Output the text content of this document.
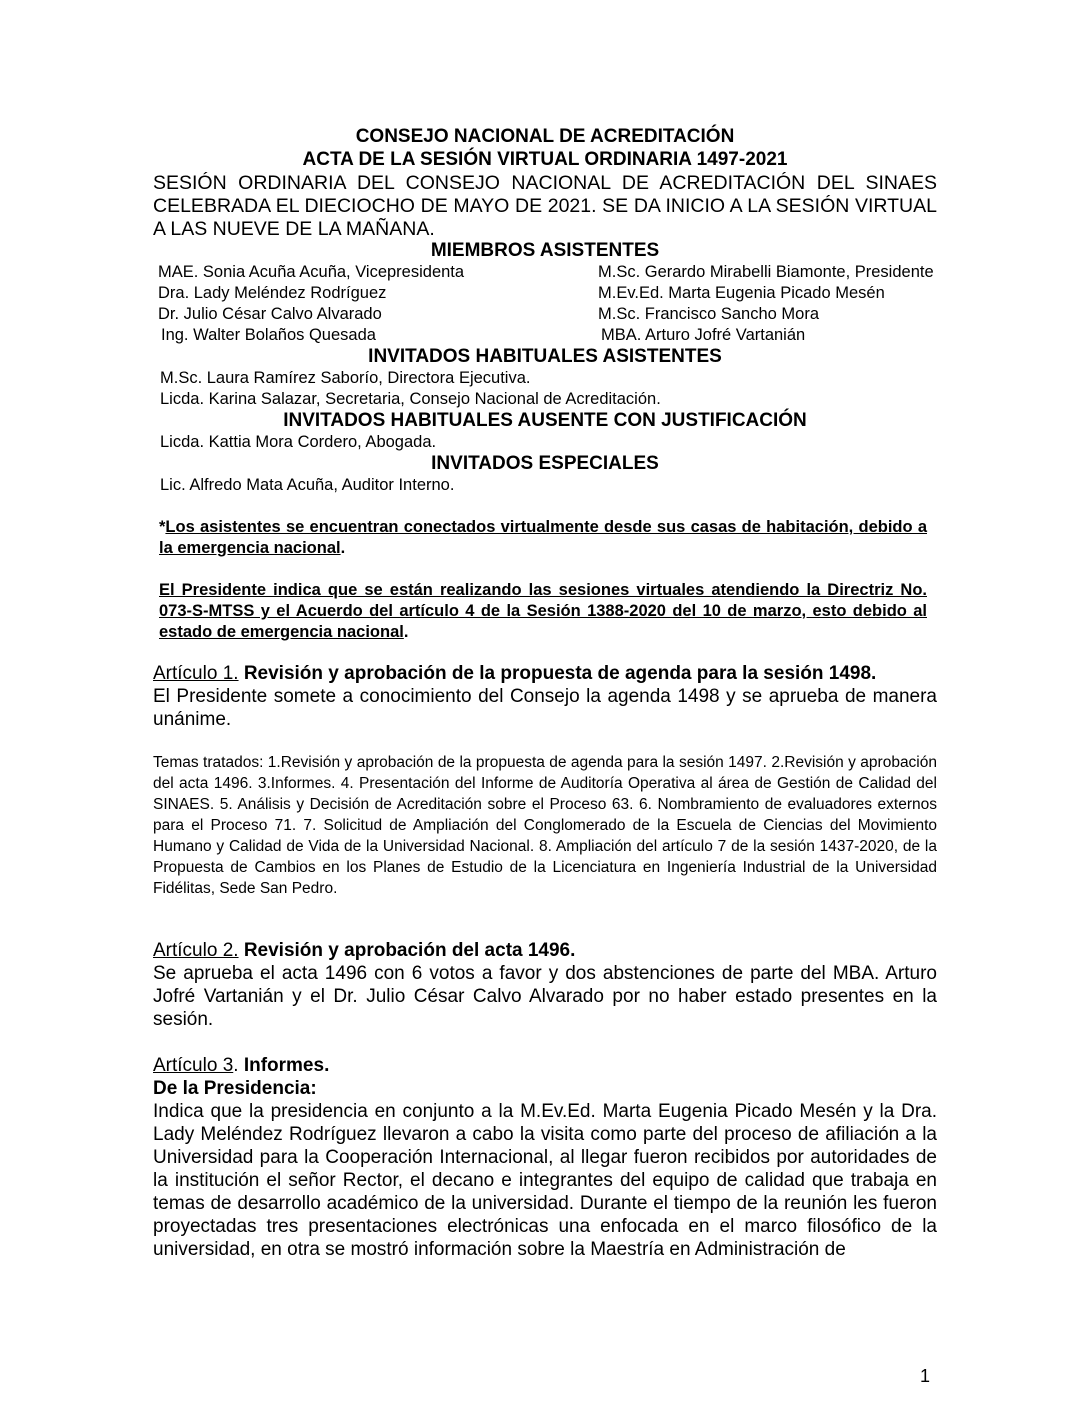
CONSEJO NACIONAL DE ACREDITACIÓN
ACTA DE LA SESIÓN VIRTUAL ORDINARIA 1497-2021
SESIÓN ORDINARIA DEL CONSEJO NACIONAL DE ACREDITACIÓN DEL SINAES CELEBRADA EL DIECIOCHO DE MAYO DE 2021. SE DA INICIO A LA SESIÓN VIRTUAL A LAS NUEVE DE LA MAÑANA.
MIEMBROS ASISTENTES
MAE. Sonia Acuña Acuña, Vicepresidenta
Dra. Lady Meléndez Rodríguez
Dr. Julio César Calvo Alvarado
Ing. Walter Bolaños Quesada
M.Sc. Gerardo Mirabelli Biamonte, Presidente
M.Ev.Ed. Marta Eugenia Picado Mesén
M.Sc. Francisco Sancho Mora
MBA. Arturo Jofré Vartanián
INVITADOS HABITUALES ASISTENTES
M.Sc. Laura Ramírez Saborío, Directora Ejecutiva.
Licda. Karina Salazar, Secretaria, Consejo Nacional de Acreditación.
INVITADOS HABITUALES AUSENTE CON JUSTIFICACIÓN
Licda. Kattia Mora Cordero, Abogada.
INVITADOS ESPECIALES
Lic. Alfredo Mata Acuña, Auditor Interno.
*Los asistentes se encuentran conectados virtualmente desde sus casas de habitación, debido a la emergencia nacional.
El Presidente indica que se están realizando las sesiones virtuales atendiendo la Directriz No. 073-S-MTSS y el Acuerdo del artículo 4 de la Sesión 1388-2020 del 10 de marzo, esto debido al estado de emergencia nacional.
Artículo 1. Revisión y aprobación de la propuesta de agenda para la sesión 1498.
El Presidente somete a conocimiento del Consejo la agenda 1498 y se aprueba de manera unánime.
Temas tratados: 1.Revisión y aprobación de la propuesta de agenda para la sesión 1497. 2.Revisión y aprobación del acta 1496. 3.Informes. 4. Presentación del Informe de Auditoría Operativa al área de Gestión de Calidad del SINAES. 5. Análisis y Decisión de Acreditación sobre el Proceso 63. 6. Nombramiento de evaluadores externos para el Proceso 71. 7. Solicitud de Ampliación del Conglomerado de la Escuela de Ciencias del Movimiento Humano y Calidad de Vida de la Universidad Nacional. 8. Ampliación del artículo 7 de la sesión 1437-2020, de la Propuesta de Cambios en los Planes de Estudio de la Licenciatura en Ingeniería Industrial de la Universidad Fidélitas, Sede San Pedro.
Artículo 2. Revisión y aprobación del acta 1496.
Se aprueba el acta 1496 con 6 votos a favor y dos abstenciones de parte del MBA. Arturo Jofré Vartanián y el Dr. Julio César Calvo Alvarado por no haber estado presentes en la sesión.
Artículo 3. Informes.
De la Presidencia:
Indica que la presidencia en conjunto a la M.Ev.Ed. Marta Eugenia Picado Mesén y la Dra. Lady Meléndez Rodríguez llevaron a cabo la visita como parte del proceso de afiliación a la Universidad para la Cooperación Internacional, al llegar fueron recibidos por autoridades de la institución el señor Rector, el decano e integrantes del equipo de calidad que trabaja en temas de desarrollo académico de la universidad. Durante el tiempo de la reunión les fueron proyectadas tres presentaciones electrónicas una enfocada en el marco filosófico de la universidad, en otra se mostró información sobre la Maestría en Administración de
1
